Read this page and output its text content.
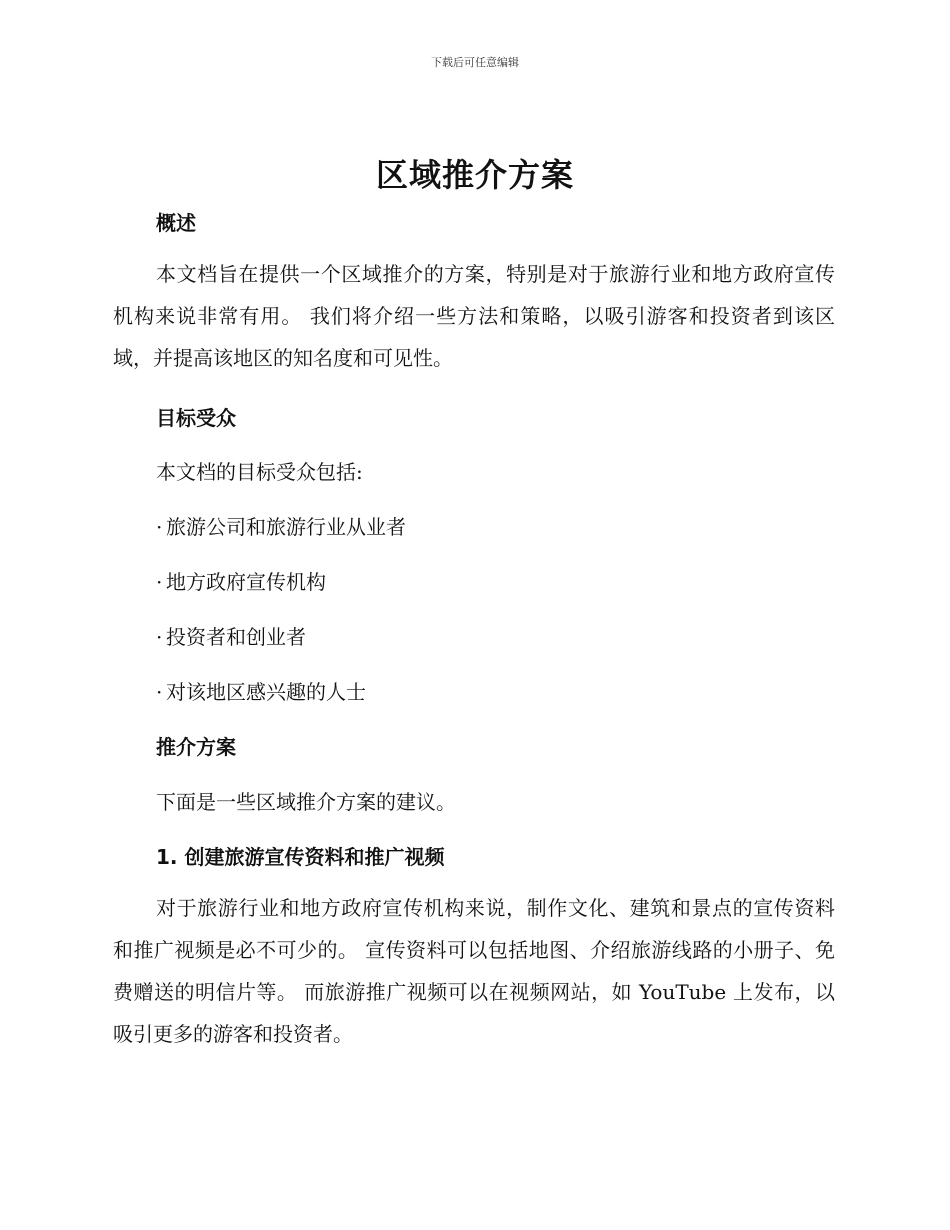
下载后可任意编辑
区域推介方案
概述
本文档旨在提供一个区域推介的方案，特别是对于旅游行业和地方政府宣传机构来说非常有用。 我们将介绍一些方法和策略，以吸引游客和投资者到该区域，并提高该地区的知名度和可见性。
目标受众
本文档的目标受众包括:
· 旅游公司和旅游行业从业者
· 地方政府宣传机构
· 投资者和创业者
· 对该地区感兴趣的人士
推介方案
下面是一些区域推介方案的建议。
1. 创建旅游宣传资料和推广视频
对于旅游行业和地方政府宣传机构来说，制作文化、建筑和景点的宣传资料和推广视频是必不可少的。 宣传资料可以包括地图、介绍旅游线路的小册子、免费赠送的明信片等。 而旅游推广视频可以在视频网站，如 YouTube 上发布，以吸引更多的游客和投资者。
